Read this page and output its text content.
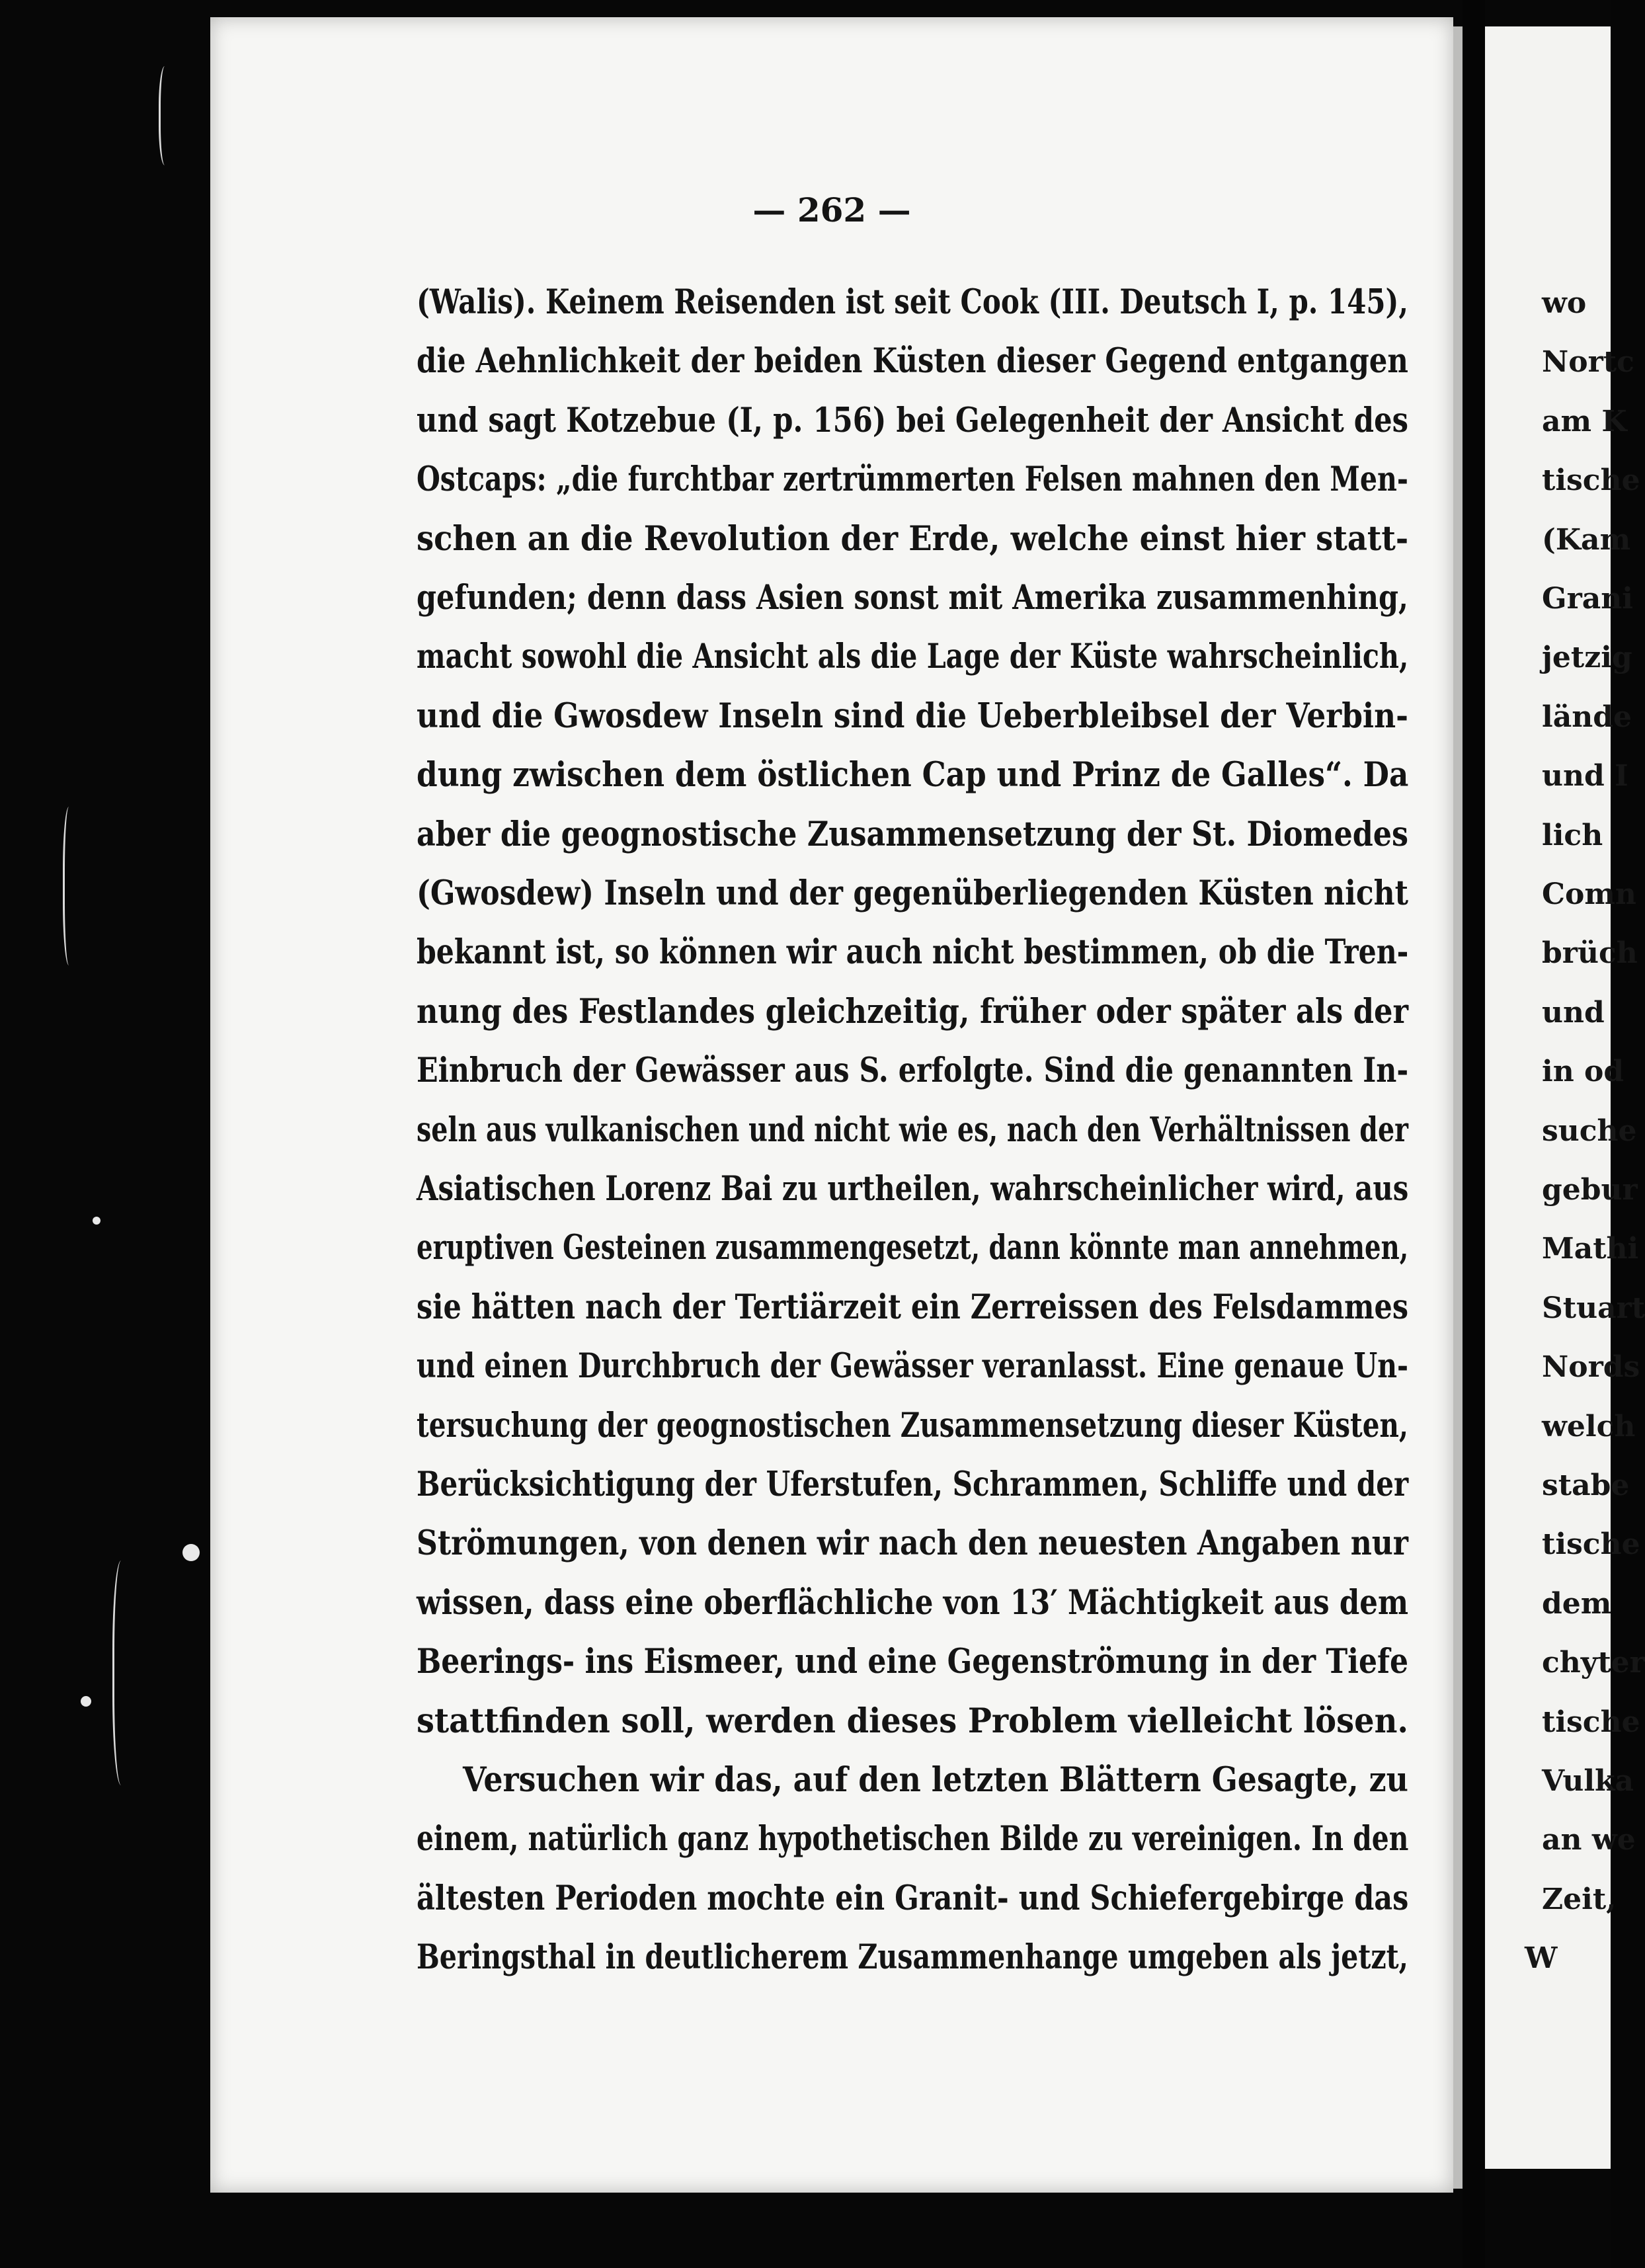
— 262 —
(Walis). Keinem Reisenden ist seit Cook (III. Deutsch I, p. 145),
die Aehnlichkeit der beiden Küsten dieser Gegend entgangen
und sagt Kotzebue (I, p. 156) bei Gelegenheit der Ansicht des
Ostcaps: „die furchtbar zertrümmerten Felsen mahnen den Men-
schen an die Revolution der Erde, welche einst hier statt-
gefunden; denn dass Asien sonst mit Amerika zusammenhing,
macht sowohl die Ansicht als die Lage der Küste wahrscheinlich,
und die Gwosdew Inseln sind die Ueberbleibsel der Verbin-
dung zwischen dem östlichen Cap und Prinz de Galles“. Da
aber die geognostische Zusammensetzung der St. Diomedes
(Gwosdew) Inseln und der gegenüberliegenden Küsten nicht
bekannt ist, so können wir auch nicht bestimmen, ob die Tren-
nung des Festlandes gleichzeitig, früher oder später als der
Einbruch der Gewässer aus S. erfolgte. Sind die genannten In-
seln aus vulkanischen und nicht wie es, nach den Verhältnissen der
Asiatischen Lorenz Bai zu urtheilen, wahrscheinlicher wird, aus
eruptiven Gesteinen zusammengesetzt, dann könnte man annehmen,
sie hätten nach der Tertiärzeit ein Zerreissen des Felsdammes
und einen Durchbruch der Gewässer veranlasst. Eine genaue Un-
tersuchung der geognostischen Zusammensetzung dieser Küsten,
Berücksichtigung der Uferstufen, Schrammen, Schliffe und der
Strömungen, von denen wir nach den neuesten Angaben nur
wissen, dass eine oberflächliche von 13′ Mächtigkeit aus dem
Beerings- ins Eismeer, und eine Gegenströmung in der Tiefe
stattfinden soll, werden dieses Problem vielleicht lösen.
Versuchen wir das, auf den letzten Blättern Gesagte, zu
einem, natürlich ganz hypothetischen Bilde zu vereinigen. In den
ältesten Perioden mochte ein Granit- und Schiefergebirge das
Beringsthal in deutlicherem Zusammenhange umgeben als jetzt,
wo
Nortc
am K
tische
(Kam
Grani
jetzig
lände
und I
lich
Comn
brüch
und
in od
suche
gebur
Mathi
Stuart
Nords
welch
stabe
tische
dem
chyter
tische
Vulka
an we
Zeit,
W
